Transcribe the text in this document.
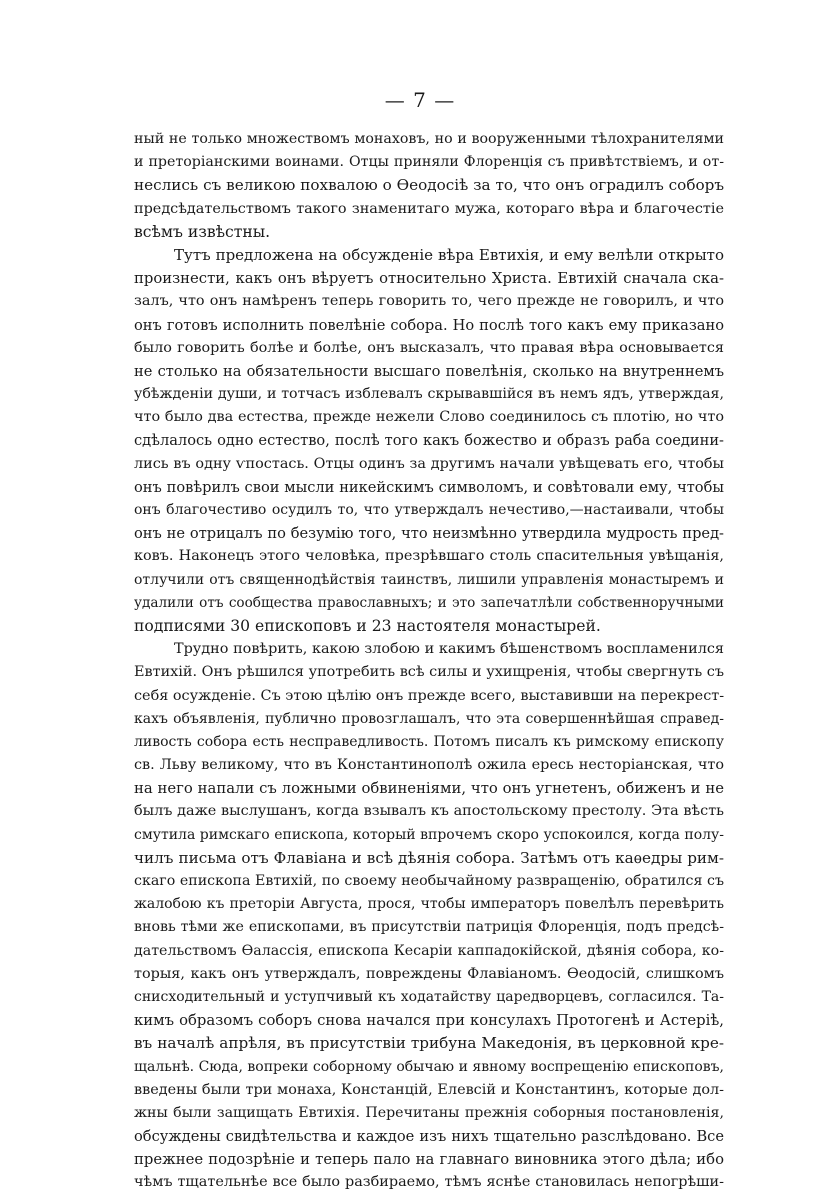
— 7 —
ный не только множествомъ монаховъ, но и вооруженными тѣлохранителями
и преторіанскими воинами. Отцы приняли Флоренція съ привѣтствіемъ, и от-
неслись съ великою похвалою о Ѳеодосіѣ за то, что онъ оградилъ соборъ
предсѣдательствомъ такого знаменитаго мужа, котораго вѣра и благочестіе
всѣмъ извѣстны.
Тутъ предложена на обсужденіе вѣра Евтихія, и ему велѣли открыто
произнести, какъ онъ вѣруетъ относительно Христа. Евтихій сначала ска-
залъ, что онъ намѣренъ теперь говорить то, чего прежде не говорилъ, и что
онъ готовъ исполнить повелѣніе собора. Но послѣ того какъ ему приказано
было говорить болѣе и болѣе, онъ высказалъ, что правая вѣра основывается
не столько на обязательности высшаго повелѣнія, сколько на внутреннемъ
убѣжденіи души, и тотчасъ изблевалъ скрывавшійся въ немъ ядъ, утверждая,
что было два естества, прежде нежели Слово соединилось съ плотію, но что
сдѣлалось одно естество, послѣ того какъ божество и образъ раба соедини-
лись въ одну ѵпостась. Отцы одинъ за другимъ начали увѣщевать его, чтобы
онъ повѣрилъ свои мысли никейскимъ символомъ, и совѣтовали ему, чтобы
онъ благочестиво осудилъ то, что утверждалъ нечестиво,—настаивали, чтобы
онъ не отрицалъ по безумію того, что неизмѣнно утвердила мудрость пред-
ковъ. Наконецъ этого человѣка, презрѣвшаго столь спасительныя увѣщанія,
отлучили отъ священнодѣйствія таинствъ, лишили управленія монастыремъ и
удалили отъ сообщества православныхъ; и это запечатлѣли собственноручными
подписями 30 епископовъ и 23 настоятеля монастырей.
Трудно повѣрить, какою злобою и какимъ бѣшенствомъ воспламенился
Евтихій. Онъ рѣшился употребить всѣ силы и ухищренія, чтобы свергнуть съ
себя осужденіе. Съ этою цѣлію онъ прежде всего, выставивши на перекрест-
кахъ объявленія, публично провозглашалъ, что эта совершеннѣйшая справед-
ливость собора есть несправедливость. Потомъ писалъ къ римскому епископу
св. Льву великому, что въ Константинополѣ ожила ересь несторіанская, что
на него напали съ ложными обвиненіями, что онъ угнетенъ, обиженъ и не
былъ даже выслушанъ, когда взывалъ къ апостольскому престолу. Эта вѣсть
смутила римскаго епископа, который впрочемъ скоро успокоился, когда полу-
чилъ письма отъ Флавіана и всѣ дѣянія собора. Затѣмъ отъ каѳедры рим-
скаго епископа Евтихій, по своему необычайному развращенію, обратился съ
жалобою къ преторіи Августа, прося, чтобы императоръ повелѣлъ перевѣрить
вновь тѣми же епископами, въ присутствіи патриція Флоренція, подъ предсѣ-
дательствомъ Ѳалассія, епископа Кесаріи каппадокійской, дѣянія собора, ко-
торыя, какъ онъ утверждалъ, повреждены Флавіаномъ. Ѳеодосій, слишкомъ
снисходительный и уступчивый къ ходатайству царедворцевъ, согласился. Та-
кимъ образомъ соборъ снова начался при консулахъ Протогенѣ и Астеріѣ,
въ началѣ апрѣля, въ присутствіи трибуна Македонія, въ церковной кре-
щальнѣ. Сюда, вопреки соборному обычаю и явному воспрещенію епископовъ,
введены были три монаха, Констанцій, Елевсій и Константинъ, которые дол-
жны были защищать Евтихія. Перечитаны прежнія соборныя постановленія,
обсуждены свидѣтельства и каждое изъ нихъ тщательно разслѣдовано. Все
прежнее подозрѣніе и теперь пало на главнаго виновника этого дѣла; ибо
чѣмъ тщательнѣе все было разбираемо, тѣмъ яснѣе становилась непогрѣши-
